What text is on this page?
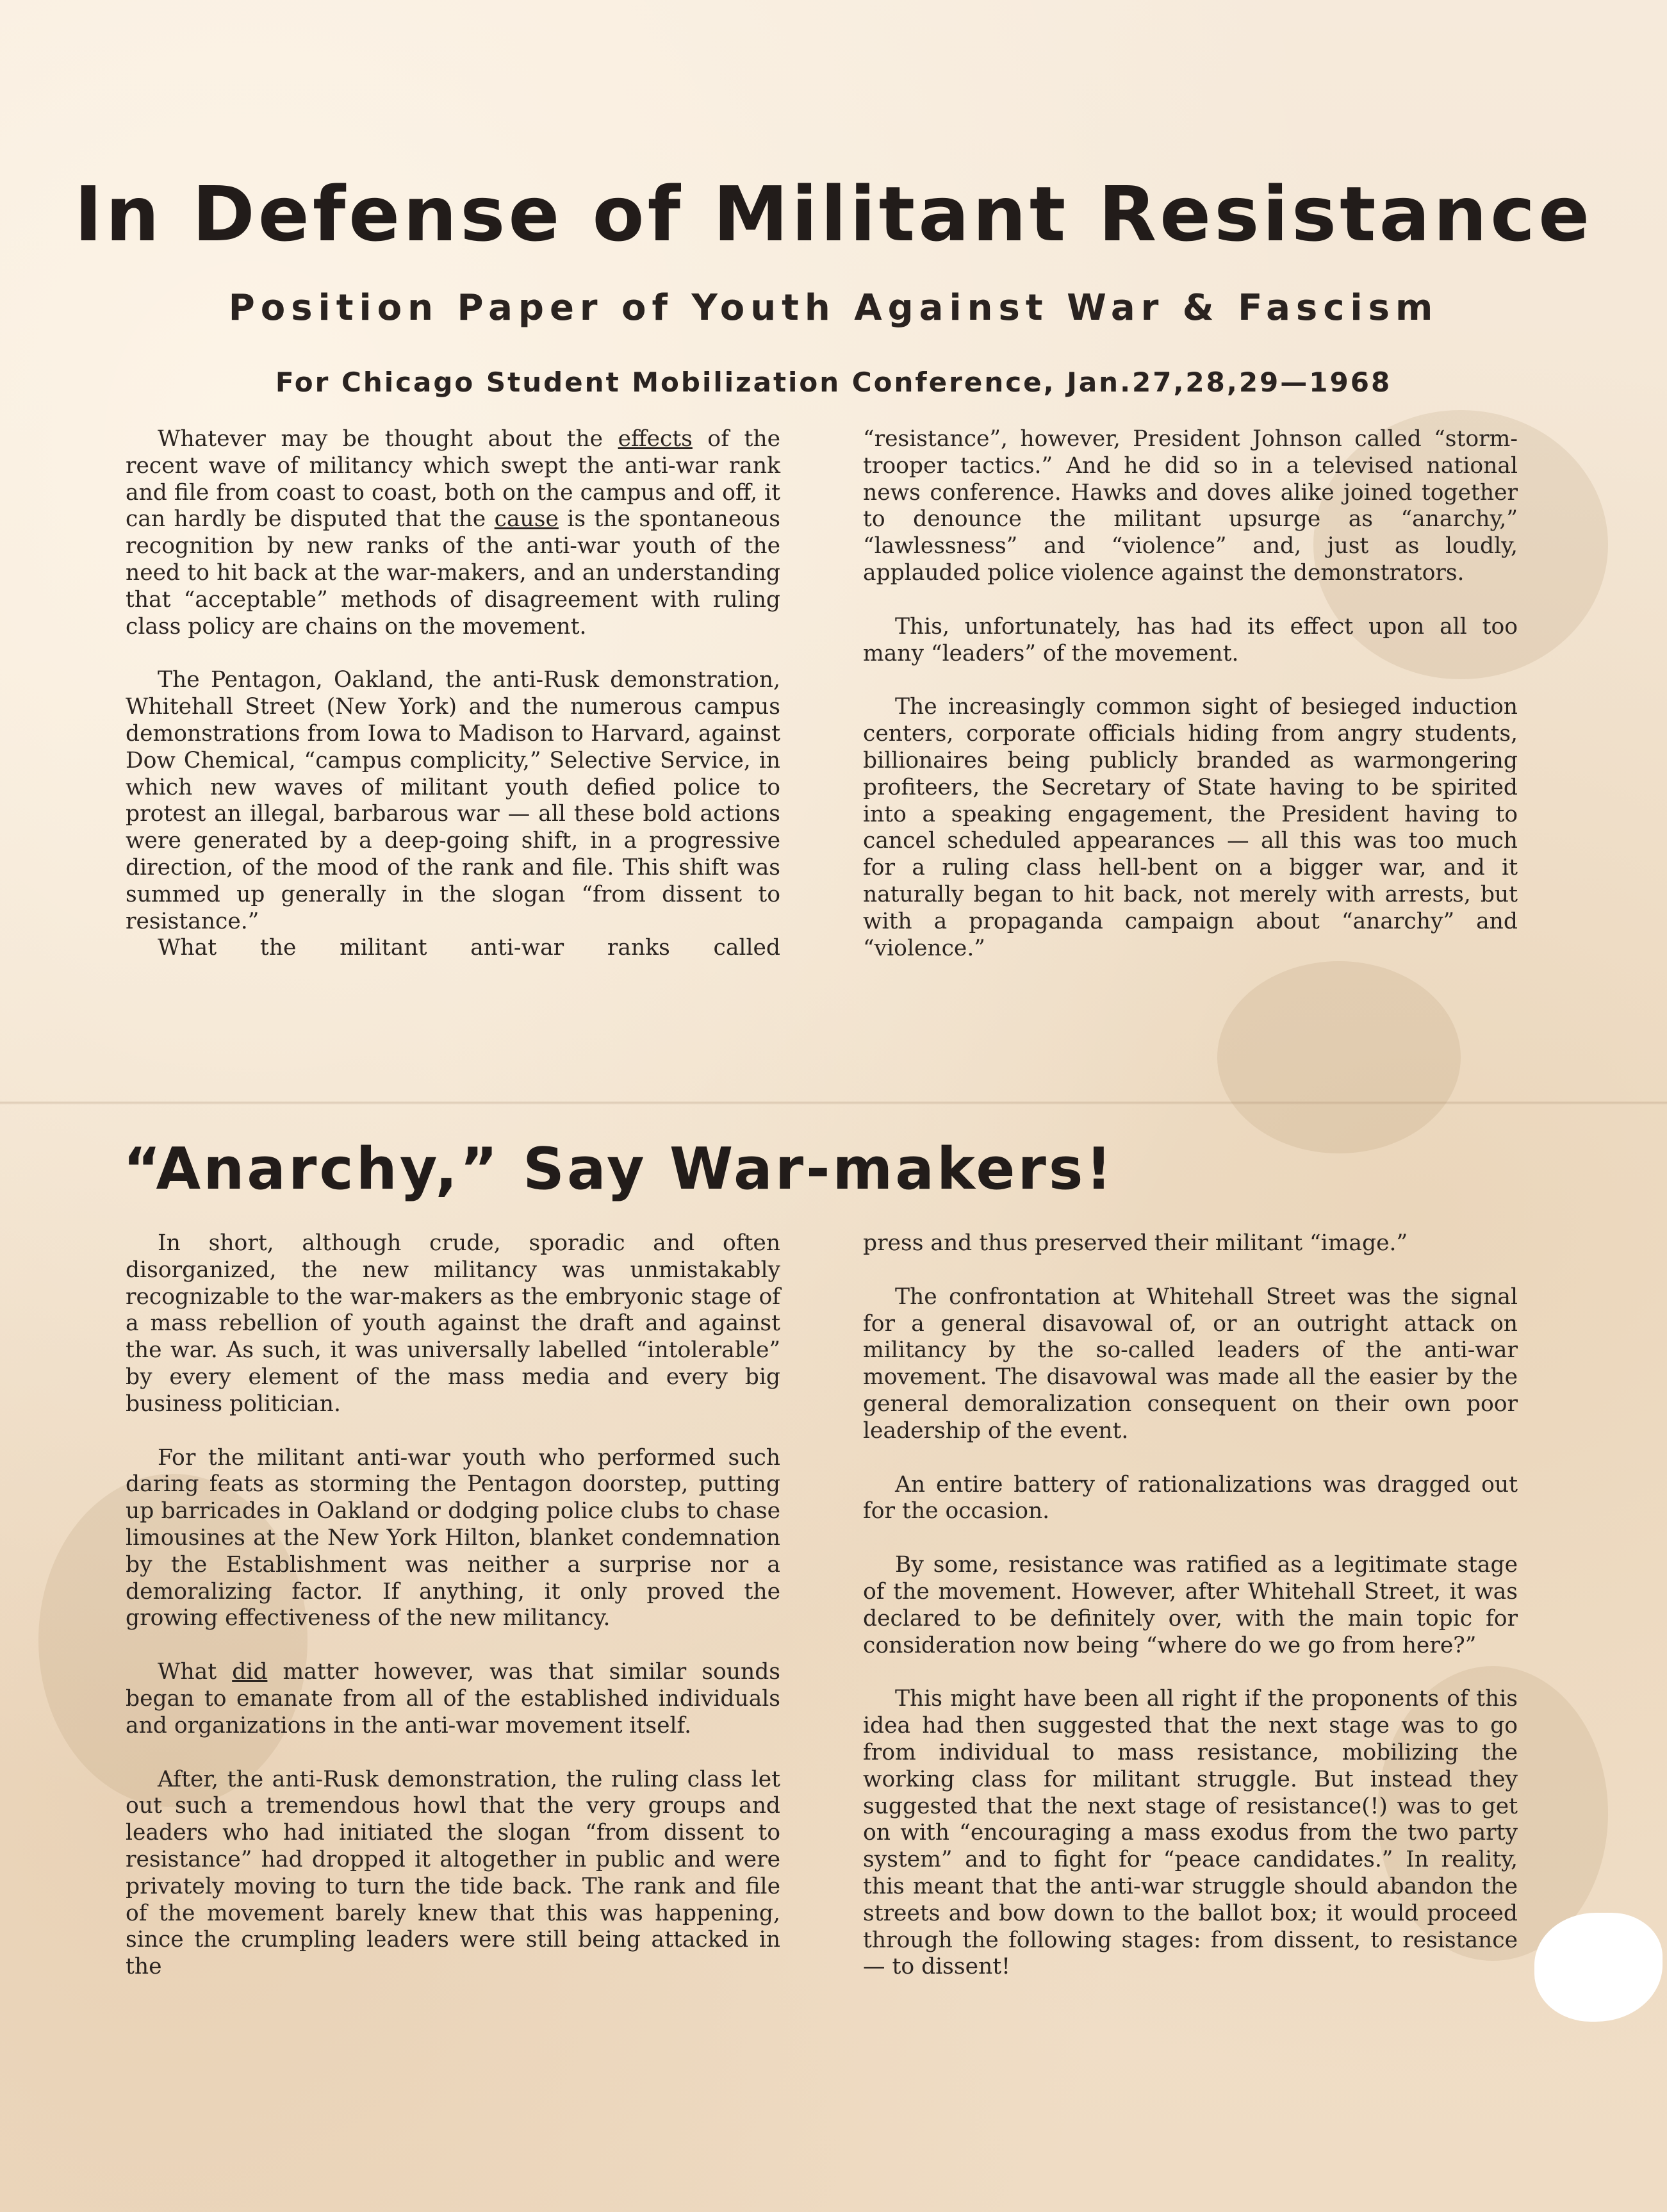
In Defense of Militant Resistance
Position Paper of Youth Against War & Fascism
For Chicago Student Mobilization Conference, Jan.27,28,29—1968

Whatever may be thought about the effects of the recent wave of militancy which swept the anti-war rank and file from coast to coast, both on the campus and off, it can hardly be disputed that the cause is the spontaneous recognition by new ranks of the anti-war youth of the need to hit back at the war-makers, and an understanding that “acceptable” methods of disagreement with ruling class policy are chains on the movement.

The Pentagon, Oakland, the anti-Rusk demonstration, Whitehall Street (New York) and the numerous campus demonstrations from Iowa to Madison to Harvard, against Dow Chemical, “campus complicity,” Selective Service, in which new waves of militant youth defied police to protest an illegal, barbarous war — all these bold actions were generated by a deep-going shift, in a progressive direction, of the mood of the rank and file. This shift was summed up generally in the slogan “from dissent to resistance.”

What the militant anti-war ranks called

“resistance”, however, President Johnson called “storm-trooper tactics.” And he did so in a televised national news conference. Hawks and doves alike joined together to denounce the militant upsurge as “anarchy,” “lawlessness” and “violence” and, just as loudly, applauded police violence against the demonstrators.

This, unfortunately, has had its effect upon all too many “leaders” of the movement.

The increasingly common sight of besieged induction centers, corporate officials hiding from angry students, billionaires being publicly branded as warmongering profiteers, the Secretary of State having to be spirited into a speaking engagement, the President having to cancel scheduled appearances — all this was too much for a ruling class hell-bent on a bigger war, and it naturally began to hit back, not merely with arrests, but with a propaganda campaign about “anarchy” and “violence.”

“Anarchy,” Say War-makers!

In short, although crude, sporadic and often disorganized, the new militancy was unmistakably recognizable to the war-makers as the embryonic stage of a mass rebellion of youth against the draft and against the war. As such, it was universally labelled “intolerable” by every element of the mass media and every big business politician.

For the militant anti-war youth who performed such daring feats as storming the Pentagon doorstep, putting up barricades in Oakland or dodging police clubs to chase limousines at the New York Hilton, blanket condemnation by the Establishment was neither a surprise nor a demoralizing factor. If anything, it only proved the growing effectiveness of the new militancy.

What did matter however, was that similar sounds began to emanate from all of the established individuals and organizations in the anti-war movement itself.

After, the anti-Rusk demonstration, the ruling class let out such a tremendous howl that the very groups and leaders who had initiated the slogan “from dissent to resistance” had dropped it altogether in public and were privately moving to turn the tide back. The rank and file of the movement barely knew that this was happening, since the crumpling leaders were still being attacked in the

press and thus preserved their militant “image.”

The confrontation at Whitehall Street was the signal for a general disavowal of, or an outright attack on militancy by the so-called leaders of the anti-war movement. The disavowal was made all the easier by the general demoralization consequent on their own poor leadership of the event.

An entire battery of rationalizations was dragged out for the occasion.

By some, resistance was ratified as a legitimate stage of the movement. However, after Whitehall Street, it was declared to be definitely over, with the main topic for consideration now being “where do we go from here?”

This might have been all right if the proponents of this idea had then suggested that the next stage was to go from individual to mass resistance, mobilizing the working class for militant struggle. But instead they suggested that the next stage of resistance(!) was to get on with “encouraging a mass exodus from the two party system” and to fight for “peace candidates.” In reality, this meant that the anti-war struggle should abandon the streets and bow down to the ballot box; it would proceed through the following stages: from dissent, to resistance — to dissent!
